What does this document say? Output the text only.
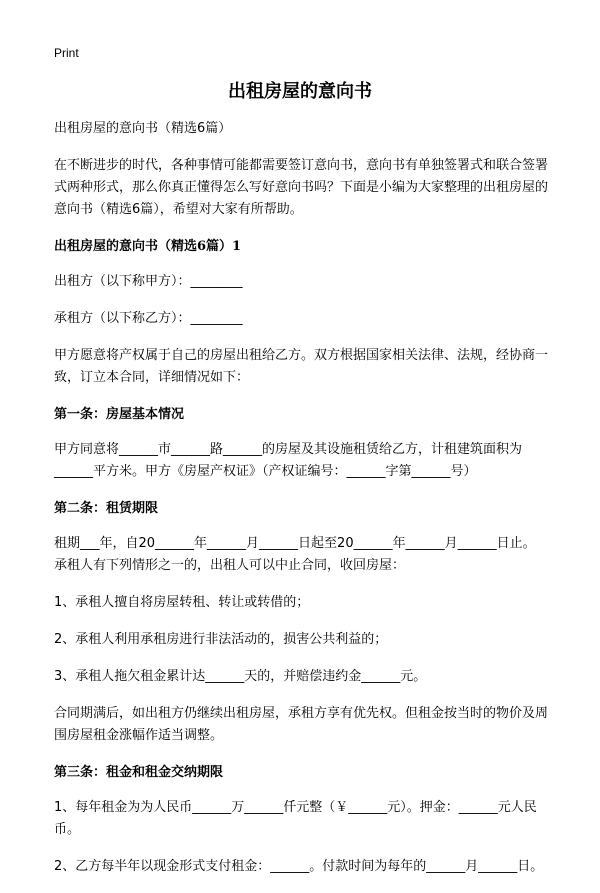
Print
出租房屋的意向书

出租房屋的意向书（精选6篇）

在不断进步的时代，各种事情可能都需要签订意向书，意向书有单独签署式和联合签署式两种形式，那么你真正懂得怎么写好意向书吗？下面是小编为大家整理的出租房屋的意向书（精选6篇），希望对大家有所帮助。

出租房屋的意向书（精选6篇）1

出租方（以下称甲方）：________

承租方（以下称乙方）：________

甲方愿意将产权属于自己的房屋出租给乙方。双方根据国家相关法律、法规，经协商一致，订立本合同，详细情况如下：

第一条：房屋基本情况

甲方同意将______市______路______的房屋及其设施租赁给乙方，计租建筑面积为______平方米。甲方《房屋产权证》（产权证编号：______字第______号）

第二条：租赁期限

租期___年，自20______年______月______日起至20______年______月______日止。承租人有下列情形之一的，出租人可以中止合同，收回房屋：

1、承租人擅自将房屋转租、转让或转借的；

2、承租人利用承租房进行非法活动的，损害公共利益的；

3、承租人拖欠租金累计达______天的，并赔偿违约金______元。

合同期满后，如出租方仍继续出租房屋，承租方享有优先权。但租金按当时的物价及周围房屋租金涨幅作适当调整。

第三条：租金和租金交纳期限

1、每年租金为为人民币______万______仟元整（￥______元）。押金：______元人民币。

2、乙方每半年以现金形式支付租金：______。付款时间为每年的______月______日。
